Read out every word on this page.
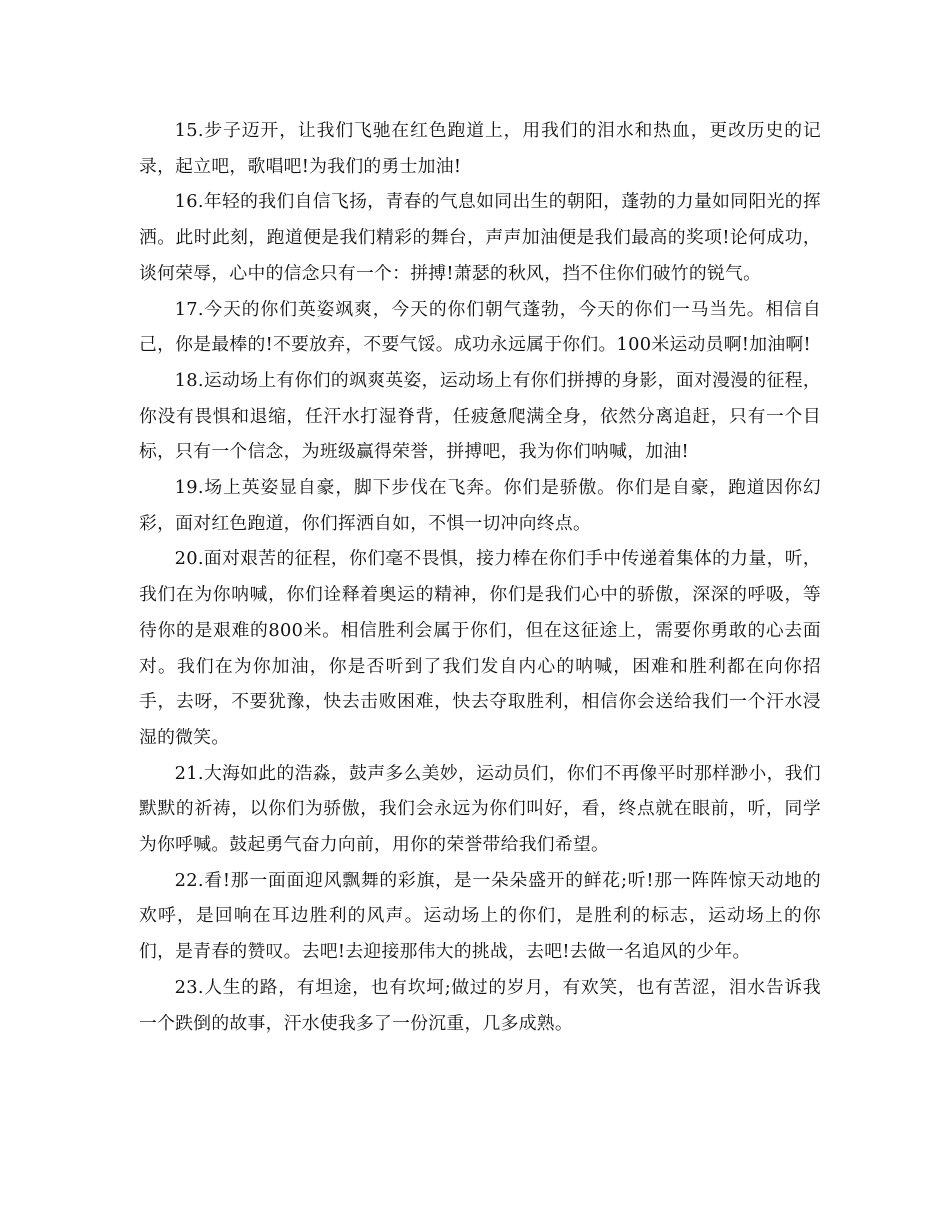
15.步子迈开，让我们飞驰在红色跑道上，用我们的泪水和热血，更改历史的记录，起立吧，歌唱吧!为我们的勇士加油!

16.年轻的我们自信飞扬，青春的气息如同出生的朝阳，蓬勃的力量如同阳光的挥洒。此时此刻，跑道便是我们精彩的舞台，声声加油便是我们最高的奖项!论何成功，谈何荣辱，心中的信念只有一个：拼搏!萧瑟的秋风，挡不住你们破竹的锐气。

17.今天的你们英姿飒爽，今天的你们朝气蓬勃，今天的你们一马当先。相信自己，你是最棒的!不要放弃，不要气馁。成功永远属于你们。100米运动员啊!加油啊!

18.运动场上有你们的飒爽英姿，运动场上有你们拼搏的身影，面对漫漫的征程，你没有畏惧和退缩，任汗水打湿脊背，任疲惫爬满全身，依然分离追赶，只有一个目标，只有一个信念，为班级赢得荣誉，拼搏吧，我为你们呐喊，加油!

19.场上英姿显自豪，脚下步伐在飞奔。你们是骄傲。你们是自豪，跑道因你幻彩，面对红色跑道，你们挥洒自如，不惧一切冲向终点。

20.面对艰苦的征程，你们毫不畏惧，接力棒在你们手中传递着集体的力量，听，我们在为你呐喊，你们诠释着奥运的精神，你们是我们心中的骄傲，深深的呼吸，等待你的是艰难的800米。相信胜利会属于你们，但在这征途上，需要你勇敢的心去面对。我们在为你加油，你是否听到了我们发自内心的呐喊，困难和胜利都在向你招手，去呀，不要犹豫，快去击败困难，快去夺取胜利，相信你会送给我们一个汗水浸湿的微笑。

21.大海如此的浩淼，鼓声多么美妙，运动员们，你们不再像平时那样渺小，我们默默的祈祷，以你们为骄傲，我们会永远为你们叫好，看，终点就在眼前，听，同学为你呼喊。鼓起勇气奋力向前，用你的荣誉带给我们希望。

22.看!那一面面迎风飘舞的彩旗，是一朵朵盛开的鲜花;听!那一阵阵惊天动地的欢呼，是回响在耳边胜利的风声。运动场上的你们，是胜利的标志，运动场上的你们，是青春的赞叹。去吧!去迎接那伟大的挑战，去吧!去做一名追风的少年。

23.人生的路，有坦途，也有坎坷;做过的岁月，有欢笑，也有苦涩，泪水告诉我一个跌倒的故事，汗水使我多了一份沉重，几多成熟。
